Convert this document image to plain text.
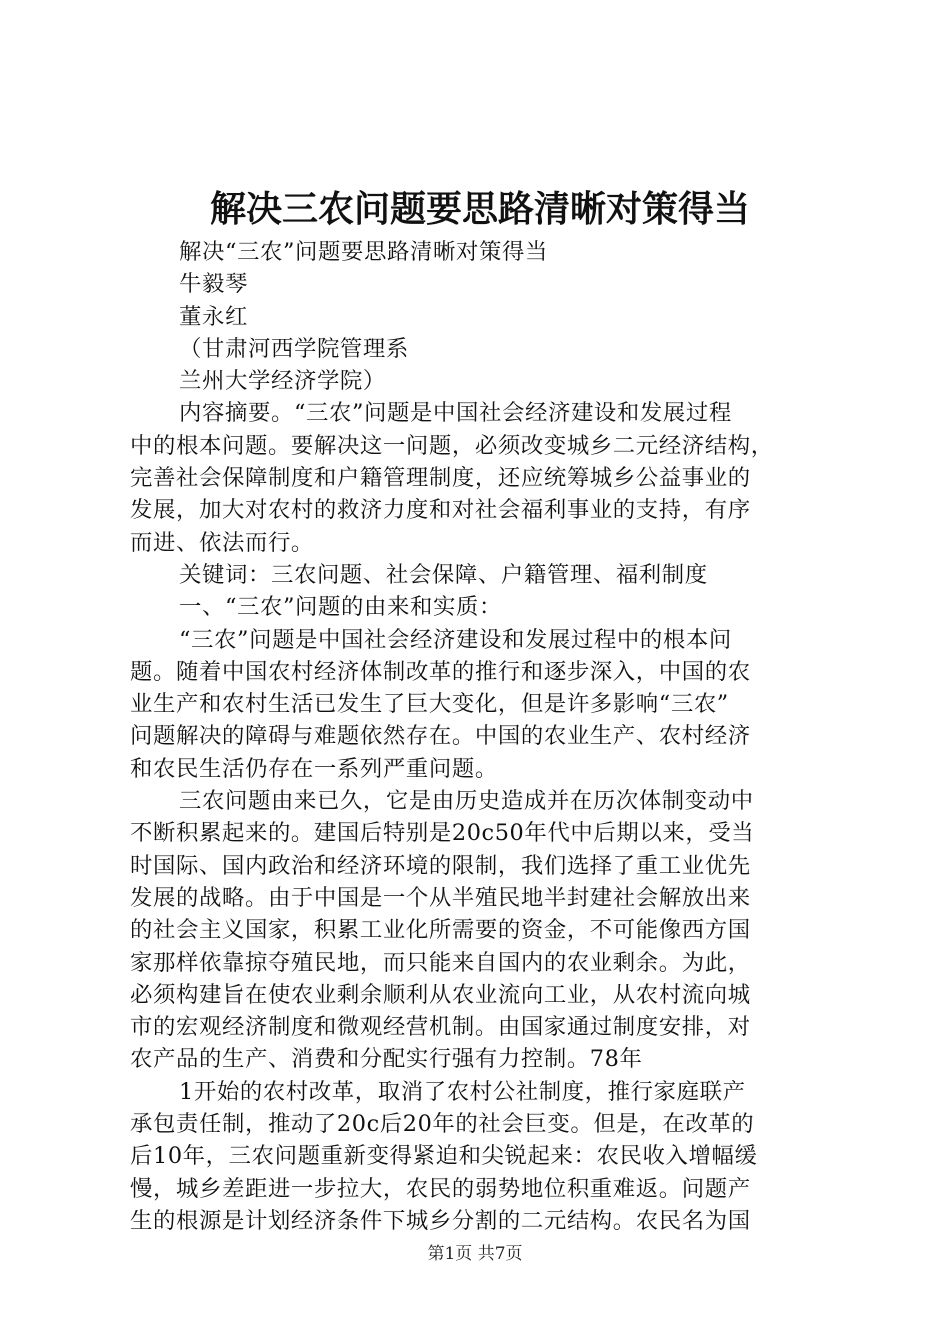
解决三农问题要思路清晰对策得当
解决“三农”问题要思路清晰对策得当
牛毅琴
董永红
（甘肃河西学院管理系
兰州大学经济学院）
内容摘要。“三农”问题是中国社会经济建设和发展过程
中的根本问题。要解决这一问题，必须改变城乡二元经济结构，
完善社会保障制度和户籍管理制度，还应统筹城乡公益事业的
发展，加大对农村的救济力度和对社会福利事业的支持，有序
而进、依法而行。
关键词：三农问题、社会保障、户籍管理、福利制度
一、“三农”问题的由来和实质：
“三农”问题是中国社会经济建设和发展过程中的根本问
题。随着中国农村经济体制改革的推行和逐步深入，中国的农
业生产和农村生活已发生了巨大变化，但是许多影响“三农”
问题解决的障碍与难题依然存在。中国的农业生产、农村经济
和农民生活仍存在一系列严重问题。
三农问题由来已久，它是由历史造成并在历次体制变动中
不断积累起来的。建国后特别是20c50年代中后期以来，受当
时国际、国内政治和经济环境的限制，我们选择了重工业优先
发展的战略。由于中国是一个从半殖民地半封建社会解放出来
的社会主义国家，积累工业化所需要的资金，不可能像西方国
家那样依靠掠夺殖民地，而只能来自国内的农业剩余。为此，
必须构建旨在使农业剩余顺利从农业流向工业，从农村流向城
市的宏观经济制度和微观经营机制。由国家通过制度安排，对
农产品的生产、消费和分配实行强有力控制。78年
1开始的农村改革，取消了农村公社制度，推行家庭联产
承包责任制，推动了20c后20年的社会巨变。但是，在改革的
后10年，三农问题重新变得紧迫和尖锐起来：农民收入增幅缓
慢，城乡差距进一步拉大，农民的弱势地位积重难返。问题产
生的根源是计划经济条件下城乡分割的二元结构。农民名为国
第1页 共7页
